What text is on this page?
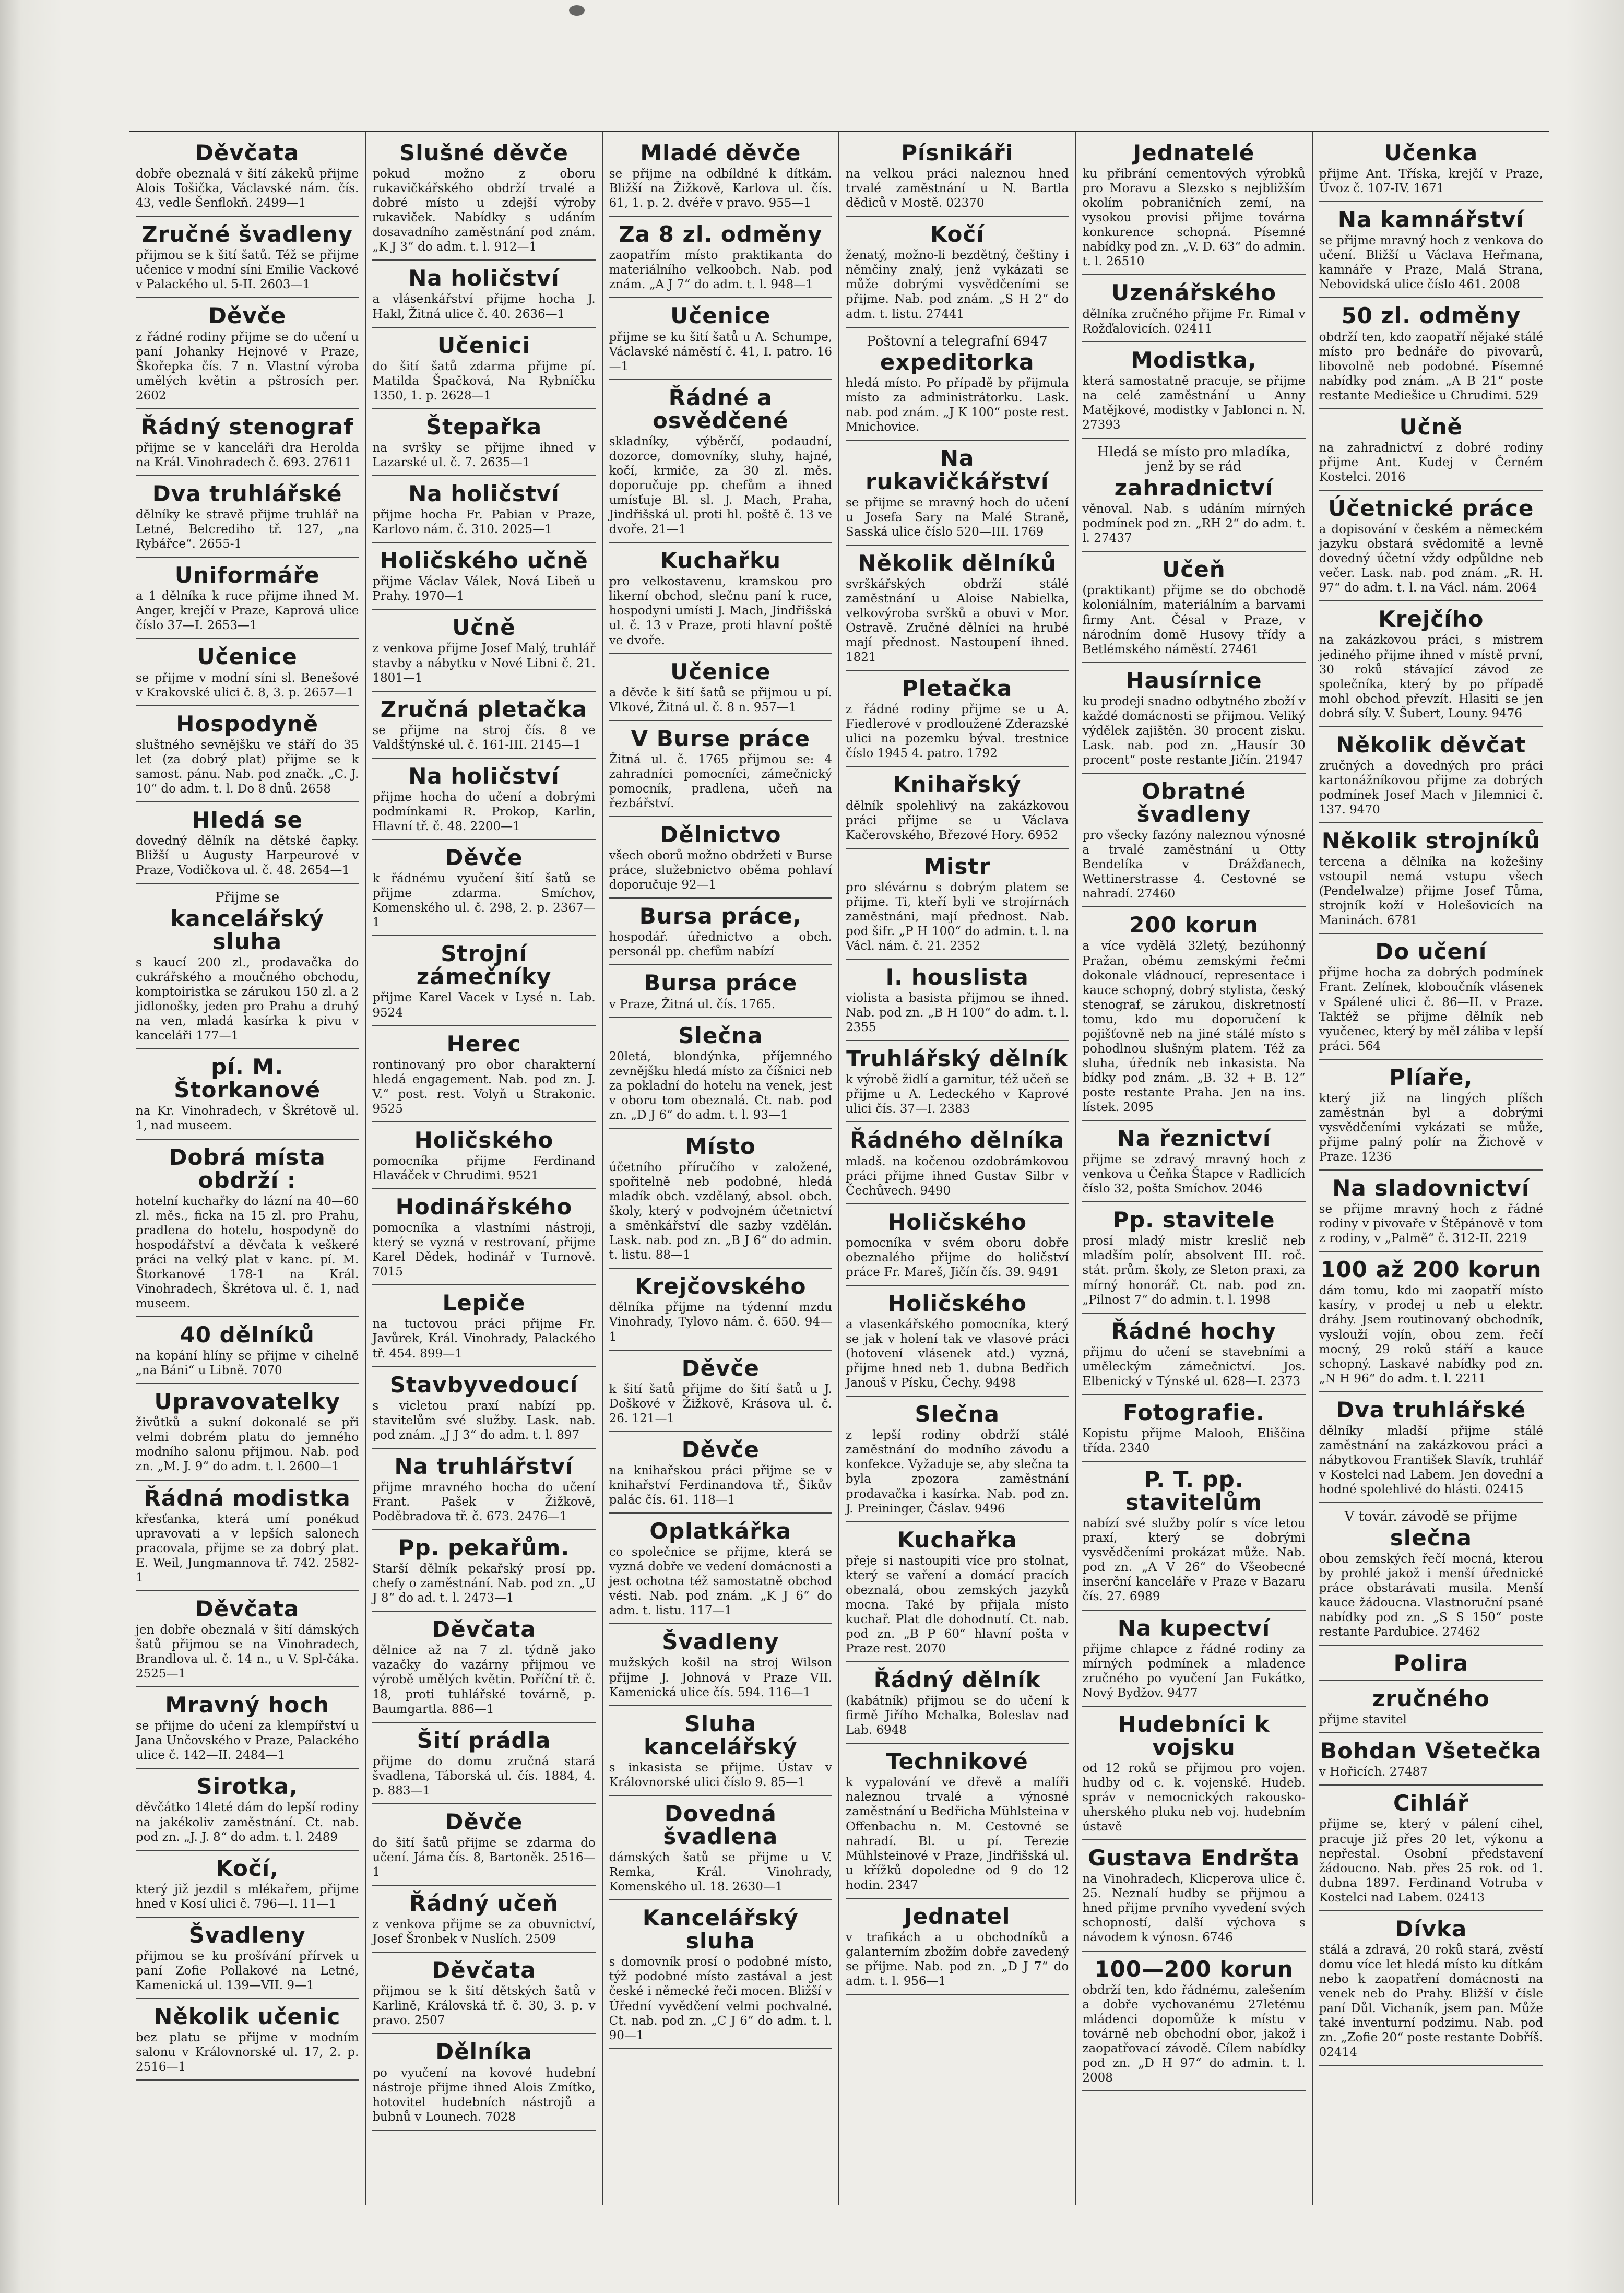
Děvčata
dobře obeznalá v šití zákeků přijme Alois Tošička, Václavské nám. čís. 43, vedle Šenflokň. 2499—1
Zručné švadleny
přijmou se k šití šatů. Též se přijme učenice v modní síni Emilie Vackové v Palackého ul. 5-II. 2603—1
Děvče
z řádné rodiny přijme se do učení u paní Johanky Hejnové v Praze, Škořepka čís. 7 n. Vlastní výroba umělých květin a pštrosích per. 2602
Řádný stenograf
přijme se v kanceláři dra Herolda na Král. Vinohradech č. 693. 27611
Dva truhlářské
dělníky ke stravě přijme truhlář na Letné, Belcrediho tř. 127, „na Rybářce“. 2655-1
Uniformáře
a 1 dělníka k ruce přijme ihned M. Anger, krejčí v Praze, Kaprová ulice číslo 37—I. 2653—1
Učenice
se přijme v modní síni sl. Benešové v Krakovské ulici č. 8, 3. p. 2657—1
Hospodyně
sluštného sevnějšku ve stáří do 35 let (za dobrý plat) přijme se k samost. pánu. Nab. pod značk. „C. J. 10“ do adm. t. l. Do 8 dnů. 2658
Hledá se
dovedný dělník na dětské čapky. Bližší u Augusty Harpeurové v Praze, Vodičkova ul. č. 48. 2654—1
Přijme se
kancelářský sluha
s kaucí 200 zl., prodavačka do cukrářského a moučného obchodu, komptoiristka se zárukou 150 zl. a 2 jidlonošky, jeden pro Prahu a druhý na ven, mladá kasírka k pivu v kanceláři 177—1
pí. M. Štorkanové
na Kr. Vinohradech, v Škrétově ul. 1, nad museem.
Dobrá místa obdrží :
hotelní kuchařky do lázní na 40—60 zl. měs., ficka na 15 zl. pro Prahu, pradlena do hotelu, hospodyně do hospodářství a děvčata k veškeré práci na velký plat v kanc. pí. M. Štorkanové 178-1 na Král. Vinohradech, Škrétova ul. č. 1, nad museem.
40 dělníků
na kopání hlíny se přijme v cihelně „na Báni“ u Libně. 7070
Upravovatelky
živůtků a sukní dokonalé se při velmi dobrém platu do jemného modního salonu přijmou. Nab. pod zn. „M. J. 9“ do adm. t. l. 2600—1
Řádná modistka
křesťanka, která umí ponékud upravovati a v lepších salonech pracovala, přijme se za dobrý plat. E. Weil, Jungmannova tř. 742. 2582-1
Děvčata
jen dobře obeznalá v šití dámských šatů přijmou se na Vinohradech, Brandlova ul. č. 14 n., u V. Spl-čáka. 2525—1
Mravný hoch
se přijme do učení za klempířství u Jana Unčovského v Praze, Palackého ulice č. 142—II. 2484—1
Sirotka,
děvčátko 14leté dám do lepší rodiny na jakékoliv zaměstnání. Ct. nab. pod zn. „J. J. 8“ do adm. t. l. 2489
Kočí,
který již jezdil s mlékařem, přijme hned v Kosí ulici č. 796—I. 11—1
Švadleny
přijmou se ku prošívání přírvek u paní Zofie Pollakové na Letné, Kamenická ul. 139—VII. 9—1
Několik učenic
bez platu se přijme v modním salonu v Královnorské ul. 17, 2. p. 2516—1
Slušné děvče
pokud možno z oboru rukavičkářského obdrží trvalé a dobré místo u zdejší výroby rukaviček. Nabídky s udáním dosavadního zaměstnání pod znám. „K J 3“ do adm. t. l. 912—1
Na holičství
a vlásenkářství přijme hocha J. Hakl, Žitná ulice č. 40. 2636—1
Učenici
do šití šatů zdarma přijme pí. Matilda Špačková, Na Rybníčku 1350, 1. p. 2628—1
Štepařka
na svršky se přijme ihned v Lazarské ul. č. 7. 2635—1
Na holičství
přijme hocha Fr. Pabian v Praze, Karlovo nám. č. 310. 2025—1
Holičského učně
přijme Václav Válek, Nová Libeň u Prahy. 1970—1
Učně
z venkova přijme Josef Malý, truhlář stavby a nábytku v Nové Libni č. 21. 1801—1
Zručná pletačka
se přijme na stroj čís. 8 ve Valdštýnské ul. č. 161-III. 2145—1
Na holičství
přijme hocha do učení a dobrými podmínkami R. Prokop, Karlin, Hlavní tř. č. 48. 2200—1
Děvče
k řádnému vyučení šití šatů se přijme zdarma. Smíchov, Komenského ul. č. 298, 2. p. 2367—1
Strojní zámečníky
přijme Karel Vacek v Lysé n. Lab. 9524
Herec
rontinovaný pro obor charakterní hledá engagement. Nab. pod zn. J. V.“ post. rest. Volyň u Strakonic. 9525
Holičského
pomocníka přijme Ferdinand Hlaváček v Chrudimi. 9521
Hodinářského
pomocníka a vlastními nástroji, který se vyzná v restrovaní, přijme Karel Dědek, hodinář v Turnově. 7015
Lepiče
na tuctovou práci přijme Fr. Javůrek, Král. Vinohrady, Palackého tř. 454. 899—1
Stavbyvedoucí
s vicletou praxí nabízí pp. stavitelům své služby. Lask. nab. pod znám. „J J 3“ do adm. t. l. 897
Na truhlářství
přijme mravného hocha do učení Frant. Pašek v Žižkově, Poděbradova tř. č. 673. 2476—1
Pp. pekařům.
Starší dělník pekařský prosí pp. chefy o zaměstnání. Nab. pod zn. „U J 8“ do ad. t. l. 2473—1
Děvčata
dělnice až na 7 zl. týdně jako vazačky do vazárny přijmou ve výrobě umělých květin. Poříční tř. č. 18, proti tuhlářské továrně, p. Baumgartla. 886—1
Šití prádla
přijme do domu zručná stará švadlena, Táborská ul. čís. 1884, 4. p. 883—1
Děvče
do šití šatů přijme se zdarma do učení. Jáma čís. 8, Bartoněk. 2516—1
Řádný učeň
z venkova přijme se za obuvnictví, Josef Šronbek v Nuslích. 2509
Děvčata
přijmou se k šití dětských šatů v Karlině, Královská tř. č. 30, 3. p. v pravo. 2507
Dělníka
po vyučení na kovové hudební nástroje přijme ihned Alois Zmítko, hotovitel hudebních nástrojů a bubnů v Lounech. 7028
Mladé děvče
se přijme na odbíldné k dítkám. Bližší na Žižkově, Karlova ul. čís. 61, 1. p. 2. dvéře v pravo. 955—1
Za 8 zl. odměny
zaopatřím místo praktikanta do materiálního velkoobch. Nab. pod znám. „A J 7“ do adm. t. l. 948—1
Učenice
přijme se ku šití šatů u A. Schumpe, Václavské náměstí č. 41, I. patro. 16—1
Řádné a osvědčené
skladníky, výběrčí, podaudní, dozorce, domovníky, sluhy, hajné, kočí, krmiče, za 30 zl. měs. doporučuje pp. chefům a ihned umísťuje Bl. sl. J. Mach, Praha, Jindřišská ul. proti hl. poště č. 13 ve dvoře. 21—1
Kuchařku
pro velkostavenu, kramskou pro likerní obchod, slečnu paní k ruce, hospodyni umísti J. Mach, Jindřišská ul. č. 13 v Praze, proti hlavní poště ve dvoře.
Učenice
a děvče k šití šatů se přijmou u pí. Vlkové, Žitná ul. č. 8 n. 957—1
V Burse práce
Žitná ul. č. 1765 přijmou se: 4 zahradníci pomocníci, zámečnický pomocník, pradlena, učeň na řezbářství.
Dělnictvo
všech oborů možno obdržeti v Burse práce, služebnictvo oběma pohlaví doporučuje 92—1
Bursa práce,
hospodář. úřednictvo a obch. personál pp. chefům nabízí
Bursa práce
v Praze, Žitná ul. čís. 1765.
Slečna
20letá, blondýnka, příjemného zevnějšku hledá místo za číšnici neb za pokladní do hotelu na venek, jest v oboru tom obeznalá. Ct. nab. pod zn. „D J 6“ do adm. t. l. 93—1
Místo
účetního příručího v založené, spořitelně neb podobné, hledá mladík obch. vzdělaný, absol. obch. školy, který v podvojném účetnictví a směnkářství dle sazby vzdělán. Lask. nab. pod zn. „B J 6“ do admin. t. listu. 88—1
Krejčovského
dělníka přijme na týdenní mzdu Vinohrady, Tylovo nám. č. 650. 94—1
Děvče
k šití šatů přijme do šití šatů u J. Doškové v Žižkově, Krásova ul. č. 26. 121—1
Děvče
na knihařskou práci přijme se v knihařství Ferdinandova tř., Šikův palác čís. 61. 118—1
Oplatkářka
co společnice se přijme, která se vyzná dobře ve vedení domácnosti a jest ochotna též samostatně obchod vésti. Nab. pod znám. „K J 6“ do adm. t. listu. 117—1
Švadleny
mužských košil na stroj Wilson přijme J. Johnová v Praze VII. Kamenická ulice čís. 594. 116—1
Sluha kancelářský
s inkasista se přijme. Ústav v Královnorské ulici číslo 9. 85—1
Dovedná švadlena
dámských šatů se přijme u V. Remka, Král. Vinohrady, Komenského ul. 18. 2630—1
Kancelářský sluha
s domovník prosí o podobné místo, týž podobné místo zastával a jest české i německé řeči mocen. Bližší v Úřední vyvědčení velmi pochvalné. Ct. nab. pod zn. „C J 6“ do adm. t. l. 90—1
Písnikáři
na velkou práci naleznou hned trvalé zaměstnání u N. Bartla dědiců v Mostě. 02370
Kočí
ženatý, možno-li bezdětný, češtiny i němčiny znalý, jenž vykázati se může dobrými vysvědčeními se přijme. Nab. pod znám. „S H 2“ do adm. t. listu. 27441
Poštovní a telegrafní 6947
expeditorka
hledá místo. Po případě by přijmula místo za administrátorku. Lask. nab. pod znám. „J K 100“ poste rest. Mnichovice.
Na rukavičkářství
se přijme se mravný hoch do učení u Josefa Sary na Malé Straně, Sasská ulice číslo 520—III. 1769
Několik dělníků
svrškářských obdrží stálé zaměstnání u Aloise Nabielka, velkovýroba svršků a obuvi v Mor. Ostravě. Zručné dělníci na hrubé mají přednost. Nastoupení ihned. 1821
Pletačka
z řádné rodiny přijme se u A. Fiedlerové v prodloužené Zderazské ulici na pozemku býval. trestnice číslo 1945 4. patro. 1792
Knihařský
dělník spolehlivý na zakázkovou práci přijme se u Václava Kačerovského, Březové Hory. 6952
Mistr
pro slévárnu s dobrým platem se přijme. Ti, kteří byli ve strojírnách zaměstnáni, mají přednost. Nab. pod šifr. „P H 100“ do admin. t. l. na Václ. nám. č. 21. 2352
I. houslista
violista a basista přijmou se ihned. Nab. pod zn. „B H 100“ do adm. t. l. 2355
Truhlářský dělník
k výrobě židlí a garnitur, též učeň se přijme u A. Ledeckého v Kaprové ulici čís. 37—I. 2383
Řádného dělníka
mladš. na kočenou ozdobrámkovou práci přijme ihned Gustav Silbr v Čechůvech. 9490
Holičského
pomocníka v svém oboru dobře obeznalého přijme do holičství práce Fr. Mareš, Jičín čís. 39. 9491
Holičského
a vlasenkářského pomocníka, který se jak v holení tak ve vlasové práci (hotovení vlásenek atd.) vyzná, přijme hned neb 1. dubna Bedřich Janouš v Písku, Čechy. 9498
Slečna
z lepší rodiny obdrží stálé zaměstnání do modního závodu a konfekce. Vyžaduje se, aby slečna ta byla zpozora zaměstnání prodavačka i kasírka. Nab. pod zn. J. Preininger, Čáslav. 9496
Kuchařka
přeje si nastoupiti více pro stolnat, který se vaření a domácí pracích obeznalá, obou zemských jazyků mocna. Také by přijala místo kuchař. Plat dle dohodnutí. Ct. nab. pod zn. „B P 60“ hlavní pošta v Praze rest. 2070
Řádný dělník
(kabátník) přijmou se do učení k firmě Jiřího Mchalka, Boleslav nad Lab. 6948
Technikové
k vypalování ve dřevě a malíři naleznou trvalé a výnosné zaměstnání u Bedřicha Mühlsteina v Offenbachu n. M. Cestovné se nahradí. Bl. u pí. Terezie Mühlsteinové v Praze, Jindřišská ul. u křížků dopoledne od 9 do 12 hodin. 2347
Jednatel
v trafikách a u obchodníků a galanterním zbožím dobře zavedený se přijme. Nab. pod zn. „D J 7“ do adm. t. l. 956—1
Jednatelé
ku přibrání cementových výrobků pro Moravu a Slezsko s nejbližším okolím pobraničních zemí, na vysokou provisi přijme továrna konkurence schopná. Písemné nabídky pod zn. „V. D. 63“ do admin. t. l. 26510
Uzenářského
dělníka zručného přijme Fr. Rimal v Rožďalovicích. 02411
Modistka,
která samostatně pracuje, se přijme na celé zaměstnání u Anny Matějkové, modistky v Jablonci n. N. 27393
Hledá se místo pro mladíka, jenž by se rád
zahradnictví
věnoval. Nab. s udáním mírných podmínek pod zn. „RH 2“ do adm. t. l. 27437
Učeň
(praktikant) přijme se do obchodě koloniálním, materiálním a barvami firmy Ant. Čésal v Praze, v národním domě Husovy třídy a Betlémského náměstí. 27461
Hausírnice
ku prodeji snadno odbytného zboží v každé domácnosti se přijmou. Veliký výdělek zajištěn. 30 procent zisku. Lask. nab. pod zn. „Hausír 30 procent“ poste restante Jičín. 21947
Obratné švadleny
pro všecky fazóny naleznou výnosné a trvalé zaměstnání u Otty Bendelíka v Drážďanech, Wettinerstrasse 4. Cestovné se nahradí. 27460
200 korun
a více vydělá 32letý, bezúhonný Pražan, obému zemskými řečmi dokonale vládnoucí, representace i kauce schopný, dobrý stylista, český stenograf, se zárukou, diskretností tomu, kdo mu doporučení k pojišťovně neb na jiné stálé místo s pohodlnou slušným platem. Též za sluha, úředník neb inkasista. Na bídky pod znám. „B. 32 + B. 12“ poste restante Praha. Jen na ins. lístek. 2095
Na řeznictví
přijme se zdravý mravný hoch z venkova u Čeňka Štapce v Radlicích číslo 32, pošta Smíchov. 2046
Pp. stavitele
prosí mladý mistr kreslič neb mladším polír, absolvent III. roč. stát. prům. školy, ze Sleton praxi, za mírný honorář. Ct. nab. pod zn. „Pilnost 7“ do admin. t. l. 1998
Řádné hochy
přijmu do učení se stavebními a uměleckým zámečnictví. Jos. Elbenický v Týnské ul. 628—I. 2373
Fotografie.
Kopistu přijme Malooh, Eliščina třída. 2340
P. T. pp. stavitelům
nabízí své služby polír s více letou praxí, který se dobrými vysvědčeními prokázat může. Nab. pod zn. „A V 26“ do Všeobecné inserční kanceláře v Praze v Bazaru čís. 27. 6989
Na kupectví
přijme chlapce z řádné rodiny za mírných podmínek a mladence zručného po vyučení Jan Fukátko, Nový Bydžov. 9477
Hudebníci k vojsku
od 12 roků se přijmou pro vojen. hudby od c. k. vojenské. Hudeb. správ v nemocnických rakousko-uherského pluku neb voj. hudebním ústavě
Gustava Endršta
na Vinohradech, Klicperova ulice č. 25. Neznalí hudby se přijmou a hned přijme prvního vyvedení svých schopností, další výchova s návodem k výnosn. 6746
100—200 korun
obdrží ten, kdo řádnému, zalešením a dobře vychovanému 27letému mládenci dopomůže k místu v továrně neb obchodní obor, jakož i zaopatřovací závodě. Cílem nabídky pod zn. „D H 97“ do admin. t. l. 2008
Učenka
přijme Ant. Tříska, krejčí v Praze, Úvoz č. 107-IV. 1671
Na kamnářství
se přijme mravný hoch z venkova do učení. Bližší u Václava Heřmana, kamnáře v Praze, Malá Strana, Nebovidská ulice číslo 461. 2008
50 zl. odměny
obdrží ten, kdo zaopatří nějaké stálé místo pro bednáře do pivovarů, libovolně neb podobné. Písemné nabídky pod znám. „A B 21“ poste restante Mediešice u Chrudimi. 529
Učně
na zahradnictví z dobré rodiny přijme Ant. Kudej v Černém Kostelci. 2016
Účetnické práce
a dopisování v českém a německém jazyku obstará svědomitě a levně dovedný účetní vždy odpůldne neb večer. Lask. nab. pod znám. „R. H. 97“ do adm. t. l. na Václ. nám. 2064
Krejčího
na zakázkovou práci, s mistrem jediného přijme ihned v místě první, 30 roků stávající závod ze společníka, který by po případě mohl obchod převzít. Hlasiti se jen dobrá síly. V. Šubert, Louny. 9476
Několik děvčat
zručných a dovedných pro práci kartonážníkovou přijme za dobrých podmínek Josef Mach v Jilemnici č. 137. 9470
Několik strojníků
tercena a dělníka na kožešiny vstoupil nemá vstupu všech (Pendelwalze) přijme Josef Tůma, strojník koží v Holešovicích na Maninách. 6781
Do učení
přijme hocha za dobrých podmínek Frant. Zelínek, kloboučník vlásenek v Spálené ulici č. 86—II. v Praze. Taktéž se přijme dělník neb vyučenec, který by měl záliba v lepší práci. 564
Plíaře,
který již na lingých plíšch zaměstnán byl a dobrými vysvědčeními vykázati se může, přijme palný polír na Žichově v Praze. 1236
Na sladovnictví
se přijme mravný hoch z řádné rodiny v pivovaře v Štěpánově v tom z rodiny, v „Palmě“ č. 312-II. 2219
100 až 200 korun
dám tomu, kdo mi zaopatří místo kasíry, v prodej u neb u elektr. dráhy. Jsem routinovaný obchodník, vyslouží vojín, obou zem. řečí mocný, 29 roků stáří a kauce schopný. Laskavé nabídky pod zn. „N H 96“ do adm. t. l. 2211
Dva truhlářské
dělníky mladší přijme stálé zaměstnání na zakázkovou práci a nábytkovou František Slavík, truhlář v Kostelci nad Labem. Jen dovední a hodné spolehlivé do hlásti. 02415
V továr. závodě se přijme
slečna
obou zemských řečí mocná, kterou by prohlé jakož i menší úřednické práce obstarávati musila. Menší kauce žádoucna. Vlastnoruční psané nabídky pod zn. „S S 150“ poste restante Pardubice. 27462
Polira
zručného
přijme stavitel
Bohdan Všetečka
v Hořicích. 27487
Cihlář
přijme se, který v pálení cihel, pracuje již přes 20 let, výkonu a nepřestal. Osobní představení žádoucno. Nab. přes 25 rok. od 1. dubna 1897. Ferdinand Votruba v Kostelci nad Labem. 02413
Dívka
stálá a zdravá, 20 roků stará, zvěstí domu více let hledá místo ku dítkám nebo k zaopatření domácnosti na venek neb do Prahy. Bližší v čísle paní Důl. Vichaník, jsem pan. Může také inventurní podzimu. Nab. pod zn. „Zofie 20“ poste restante Dobříš. 02414
